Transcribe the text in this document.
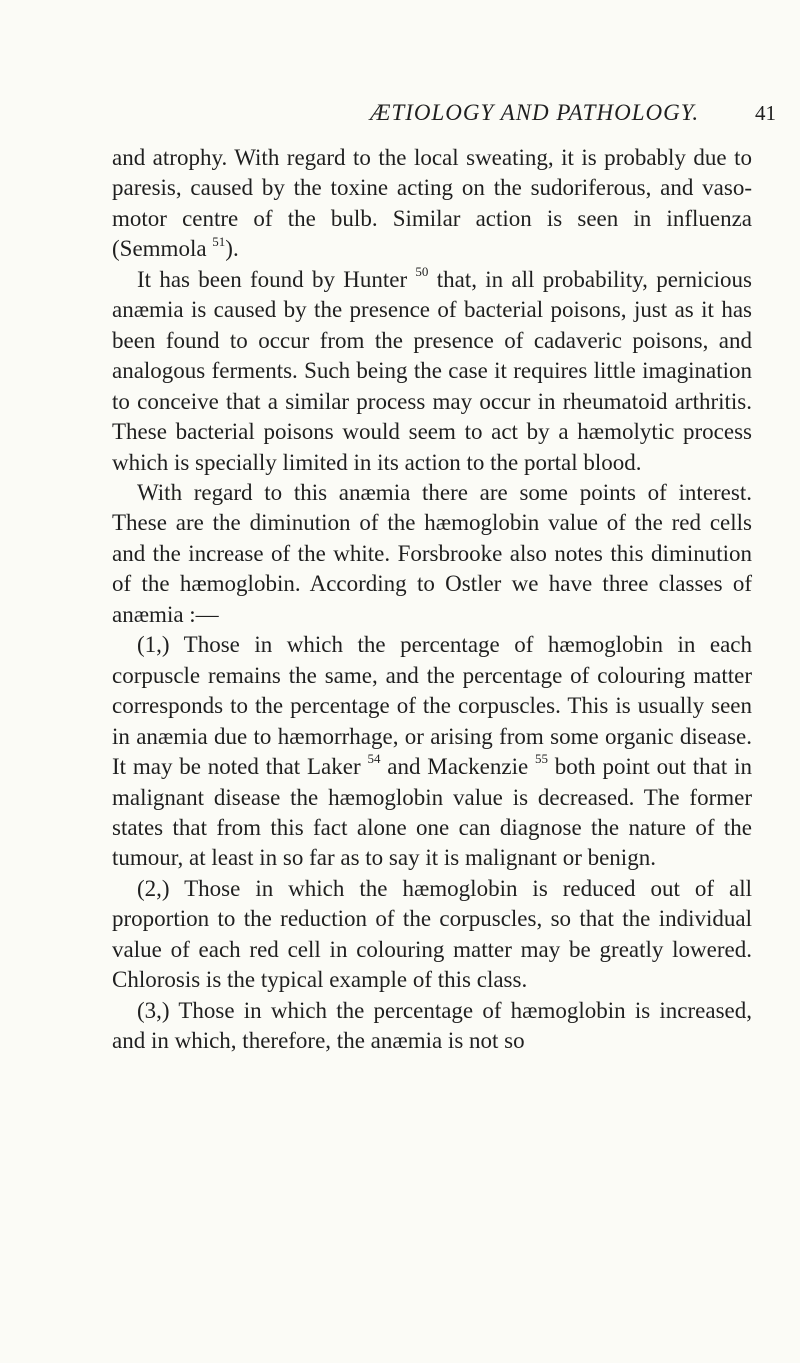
ÆTIOLOGY AND PATHOLOGY.	41

and atrophy. With regard to the local sweating, it is probably due to paresis, caused by the toxine acting on the sudoriferous, and vaso-motor centre of the bulb. Similar action is seen in influenza (Semmola $^{51}$).

It has been found by Hunter $^{50}$ that, in all probability, pernicious anæmia is caused by the presence of bacterial poisons, just as it has been found to occur from the presence of cadaveric poisons, and analogous ferments. Such being the case it requires little imagination to conceive that a similar process may occur in rheumatoid arthritis. These bacterial poisons would seem to act by a hæmolytic process which is specially limited in its action to the portal blood.

With regard to this anæmia there are some points of interest. These are the diminution of the hæmoglobin value of the red cells and the increase of the white. Forsbrooke also notes this diminution of the hæmoglobin. According to Ostler we have three classes of anæmia :—

(1,) Those in which the percentage of hæmoglobin in each corpuscle remains the same, and the percentage of colouring matter corresponds to the percentage of the corpuscles. This is usually seen in anæmia due to hæmorrhage, or arising from some organic disease. It may be noted that Laker $^{54}$ and Mackenzie $^{55}$ both point out that in malignant disease the hæmoglobin value is decreased. The former states that from this fact alone one can diagnose the nature of the tumour, at least in so far as to say it is malignant or benign.

(2,) Those in which the hæmoglobin is reduced out of all proportion to the reduction of the corpuscles, so that the individual value of each red cell in colouring matter may be greatly lowered. Chlorosis is the typical example of this class.

(3,) Those in which the percentage of hæmoglobin is increased, and in which, therefore, the anæmia is not so
